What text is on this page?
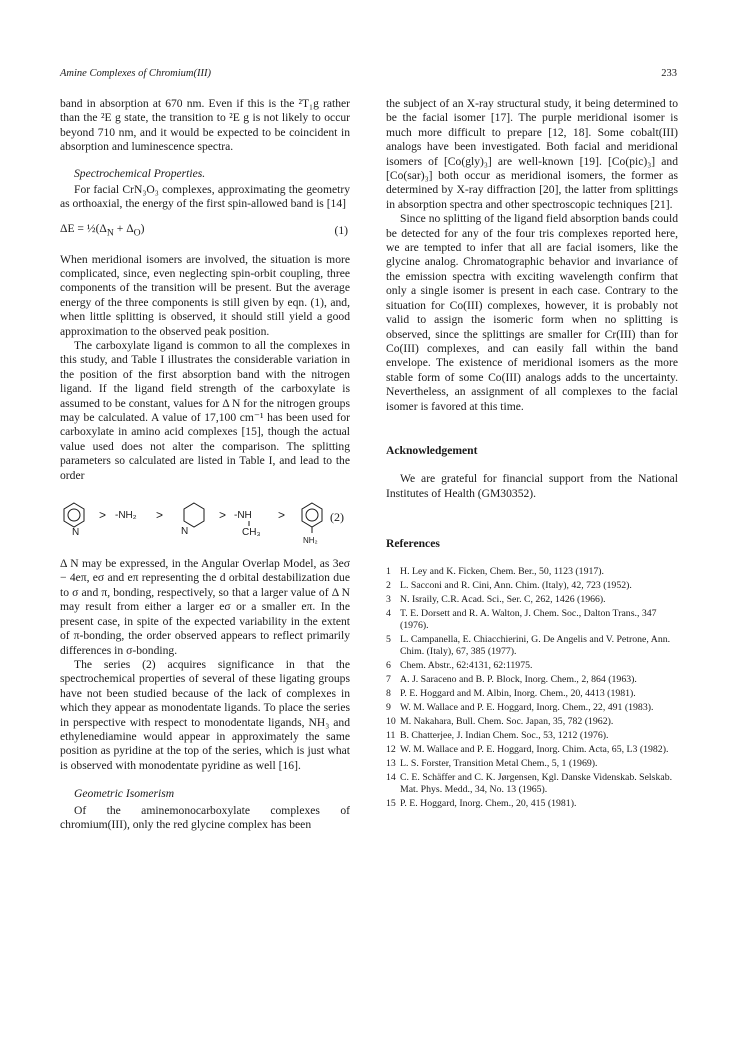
Amine Complexes of Chromium(III)	233

band in absorption at 670 nm. Even if this is the ²T₁g rather than the ²E g state, the transition to ²E g is not likely to occur beyond 710 nm, and it would be expected to be coincident in absorption and luminescence spectra.

Spectrochemical Properties.

For facial CrN₃O₃ complexes, approximating the geometry as orthoaxial, the energy of the first spin-allowed band is [14]

$\Delta E = \frac{1}{2}(\Delta_N + \Delta_O)$	(1)

When meridional isomers are involved, the situation is more complicated, since, even neglecting spin-orbit coupling, three components of the transition will be present. But the average energy of the three components is still given by eqn. (1), and, when little splitting is observed, it should still yield a good approximation to the observed peak position.

The carboxylate ligand is common to all the complexes in this study, and Table I illustrates the considerable variation in the position of the first absorption band with the nitrogen ligand. If the ligand field strength of the carboxylate is assumed to be constant, values for Δ N for the nitrogen groups may be calculated. A value of 17,100 cm⁻¹ has been used for carboxylate in amino acid complexes [15], though the actual value used does not alter the comparison. The splitting parameters so calculated are listed in Table I, and lead to the order

N
> -NH₂ >
N
> -NH
CH₃
>
NH₂
(2)

Δ N may be expressed, in the Angular Overlap Model, as 3eσ − 4eπ, eσ and eπ representing the d orbital destabilization due to σ and π, bonding, respectively, so that a larger value of Δ N may result from either a larger eσ or a smaller eπ. In the present case, in spite of the expected variability in the extent of π-bonding, the order observed appears to reflect primarily differences in σ-bonding.

The series (2) acquires significance in that the spectrochemical properties of several of these ligating groups have not been studied because of the lack of complexes in which they appear as monodentate ligands. To place the series in perspective with respect to monodentate ligands, NH₃ and ethylenediamine would appear in approximately the same position as pyridine at the top of the series, which is just what is observed with monodentate pyridine as well [16].

Geometric Isomerism

Of the aminemonocarboxylate complexes of chromium(III), only the red glycine complex has been

the subject of an X-ray structural study, it being determined to be the facial isomer [17]. The purple meridional isomer is much more difficult to prepare [12, 18]. Some cobalt(III) analogs have been investigated. Both facial and meridional isomers of [Co(gly)₃] are well-known [19]. [Co(pic)₃] and [Co(sar)₃] both occur as meridional isomers, the former as determined by X-ray diffraction [20], the latter from splittings in absorption spectra and other spectroscopic techniques [21].

Since no splitting of the ligand field absorption bands could be detected for any of the four tris complexes reported here, we are tempted to infer that all are facial isomers, like the glycine analog. Chromatographic behavior and invariance of the emission spectra with exciting wavelength confirm that only a single isomer is present in each case. Contrary to the situation for Co(III) complexes, however, it is probably not valid to assign the isomeric form when no splitting is observed, since the splittings are smaller for Cr(III) than for Co(III) complexes, and can easily fall within the band envelope. The existence of meridional isomers as the more stable form of some Co(III) analogs adds to the uncertainty. Nevertheless, an assignment of all complexes to the facial isomer is favored at this time.

Acknowledgement

We are grateful for financial support from the National Institutes of Health (GM30352).

References

1 H. Ley and K. Ficken, Chem. Ber., 50, 1123 (1917).
2 L. Sacconi and R. Cini, Ann. Chim. (Italy), 42, 723 (1952).
3 N. Israily, C.R. Acad. Sci., Ser. C, 262, 1426 (1966).
4 T. E. Dorsett and R. A. Walton, J. Chem. Soc., Dalton Trans., 347 (1976).
5 L. Campanella, E. Chiacchierini, G. De Angelis and V. Petrone, Ann. Chim. (Italy), 67, 385 (1977).
6 Chem. Abstr., 62:4131, 62:11975.
7 A. J. Saraceno and B. P. Block, Inorg. Chem., 2, 864 (1963).
8 P. E. Hoggard and M. Albin, Inorg. Chem., 20, 4413 (1981).
9 W. M. Wallace and P. E. Hoggard, Inorg. Chem., 22, 491 (1983).
10 M. Nakahara, Bull. Chem. Soc. Japan, 35, 782 (1962).
11 B. Chatterjee, J. Indian Chem. Soc., 53, 1212 (1976).
12 W. M. Wallace and P. E. Hoggard, Inorg. Chim. Acta, 65, L3 (1982).
13 L. S. Forster, Transition Metal Chem., 5, 1 (1969).
14 C. E. Schäffer and C. K. Jørgensen, Kgl. Danske Videnskab. Selskab. Mat. Phys. Medd., 34, No. 13 (1965).
15 P. E. Hoggard, Inorg. Chem., 20, 415 (1981).
